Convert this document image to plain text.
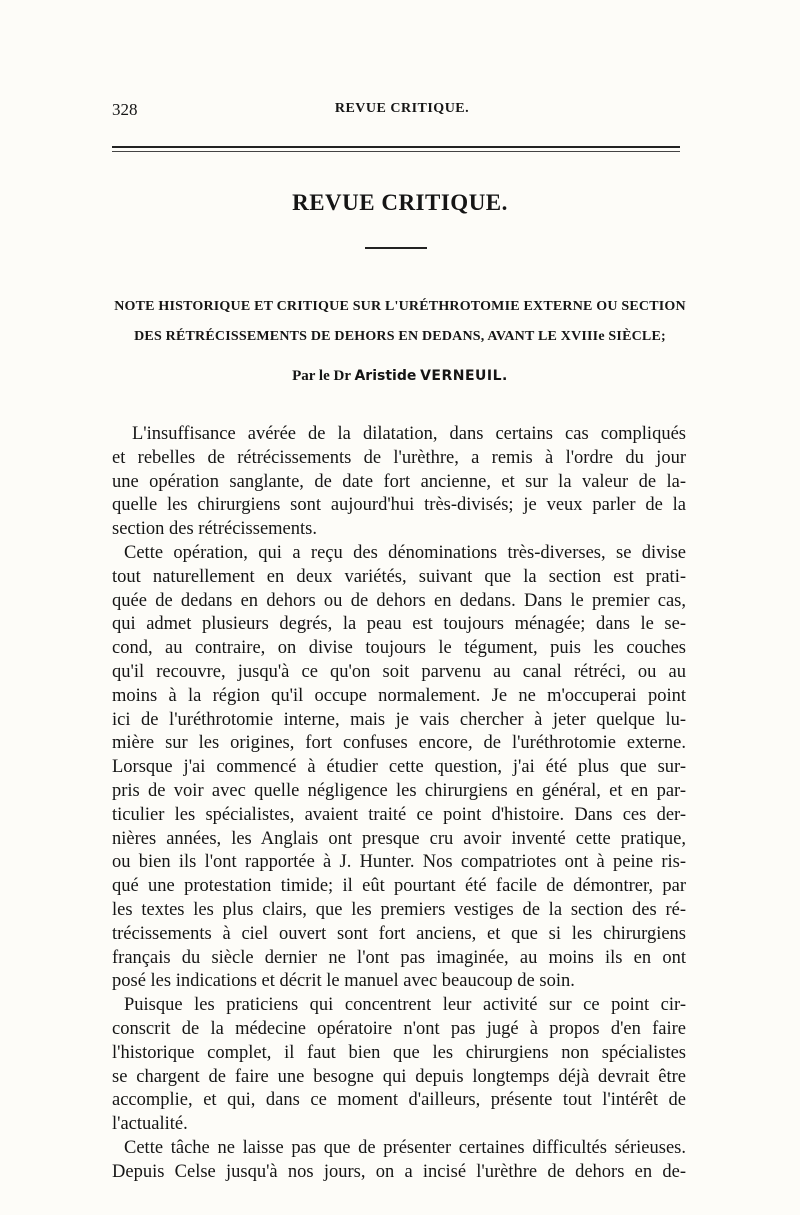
328	REVUE CRITIQUE.
REVUE CRITIQUE.
NOTE HISTORIQUE ET CRITIQUE SUR L'URÉTHROTOMIE EXTERNE OU SECTION
DES RÉTRÉCISSEMENTS DE DEHORS EN DEDANS, AVANT LE XVIIIe SIÈCLE;
Par le Dr Aristide VERNEUIL.
L'insuffisance avérée de la dilatation, dans certains cas compliqués
et rebelles de rétrécissements de l'urèthre, a remis à l'ordre du jour
une opération sanglante, de date fort ancienne, et sur la valeur de la-
quelle les chirurgiens sont aujourd'hui très-divisés; je veux parler de la
section des rétrécissements.
Cette opération, qui a reçu des dénominations très-diverses, se divise
tout naturellement en deux variétés, suivant que la section est prati-
quée de dedans en dehors ou de dehors en dedans. Dans le premier cas,
qui admet plusieurs degrés, la peau est toujours ménagée; dans le se-
cond, au contraire, on divise toujours le tégument, puis les couches
qu'il recouvre, jusqu'à ce qu'on soit parvenu au canal rétréci, ou au
moins à la région qu'il occupe normalement. Je ne m'occuperai point
ici de l'uréthrotomie interne, mais je vais chercher à jeter quelque lu-
mière sur les origines, fort confuses encore, de l'uréthrotomie externe.
Lorsque j'ai commencé à étudier cette question, j'ai été plus que sur-
pris de voir avec quelle négligence les chirurgiens en général, et en par-
ticulier les spécialistes, avaient traité ce point d'histoire. Dans ces der-
nières années, les Anglais ont presque cru avoir inventé cette pratique,
ou bien ils l'ont rapportée à J. Hunter. Nos compatriotes ont à peine ris-
qué une protestation timide; il eût pourtant été facile de démontrer, par
les textes les plus clairs, que les premiers vestiges de la section des ré-
trécissements à ciel ouvert sont fort anciens, et que si les chirurgiens
français du siècle dernier ne l'ont pas imaginée, au moins ils en ont
posé les indications et décrit le manuel avec beaucoup de soin.
Puisque les praticiens qui concentrent leur activité sur ce point cir-
conscrit de la médecine opératoire n'ont pas jugé à propos d'en faire
l'historique complet, il faut bien que les chirurgiens non spécialistes
se chargent de faire une besogne qui depuis longtemps déjà devrait être
accomplie, et qui, dans ce moment d'ailleurs, présente tout l'intérêt de
l'actualité.
Cette tâche ne laisse pas que de présenter certaines difficultés sérieuses.
Depuis Celse jusqu'à nos jours, on a incisé l'urèthre de dehors en de-
